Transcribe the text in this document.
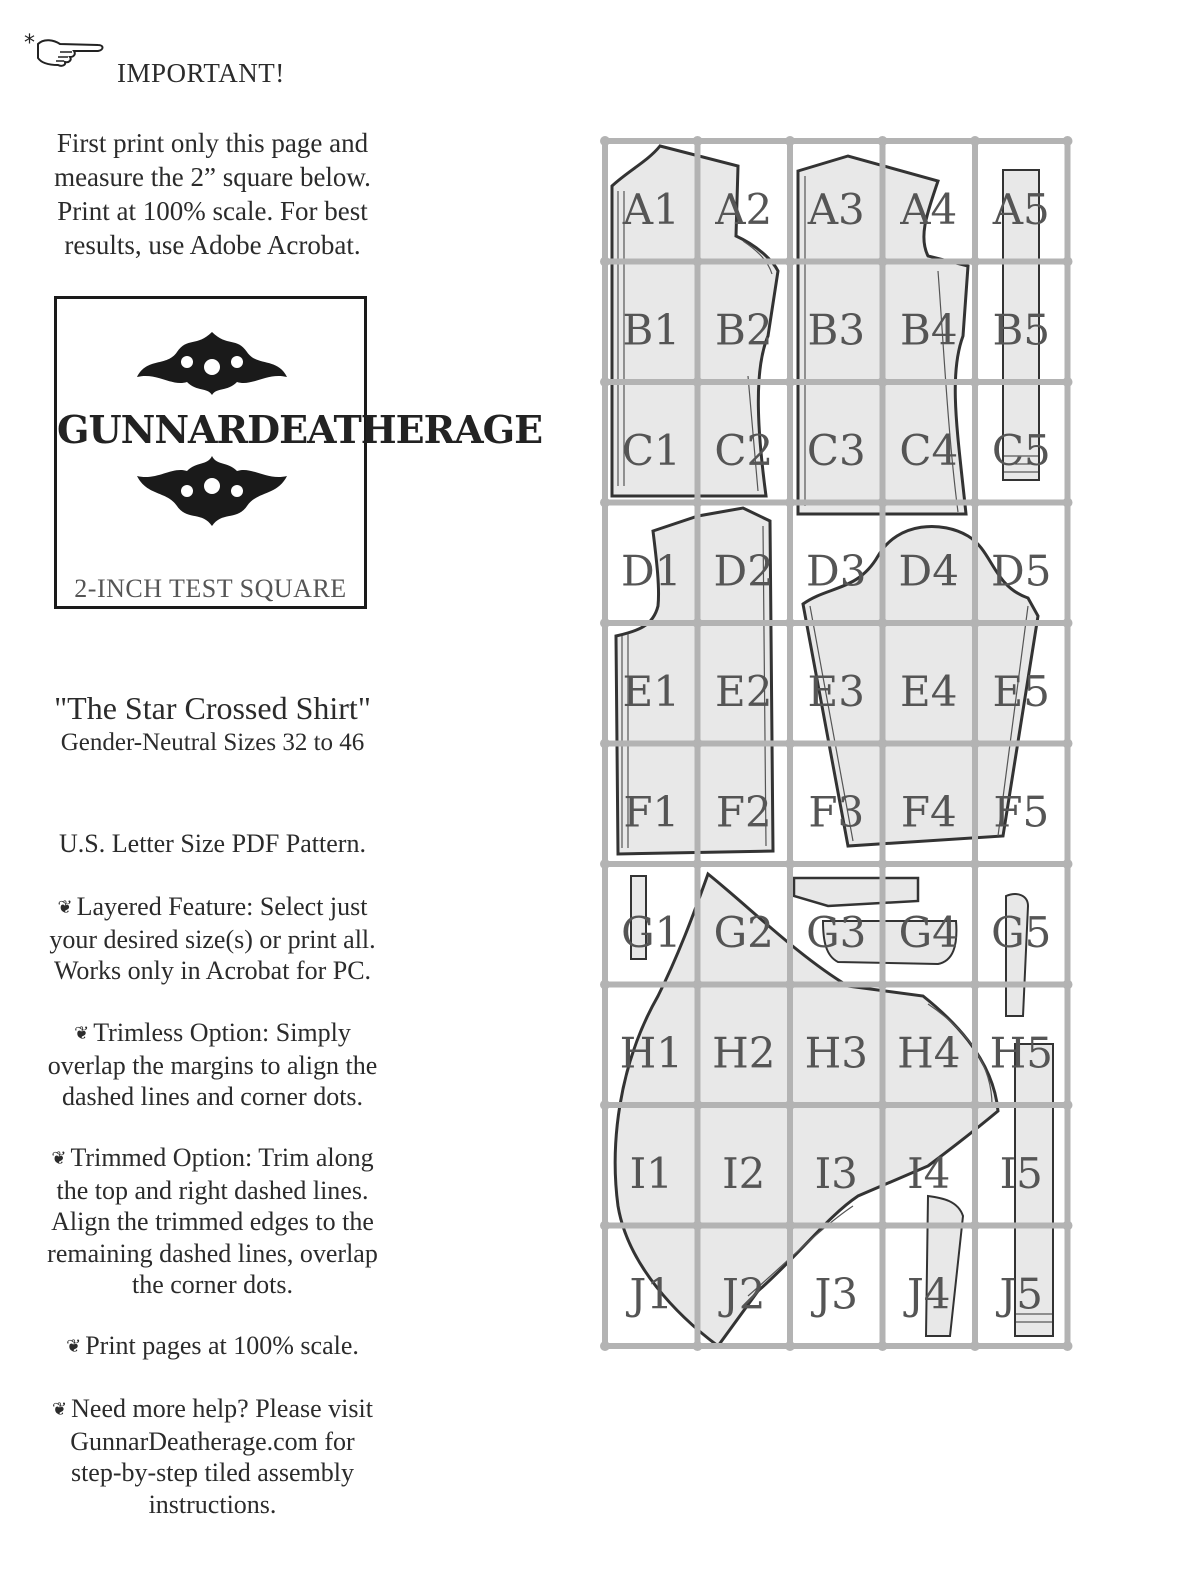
*
IMPORTANT!
First print only this page and
measure the 2” square below.
Print at 100% scale. For best
results, use Adobe Acrobat.
GUNNARDEATHERAGE
2-INCH TEST SQUARE
"The Star Crossed Shirt"
Gender-Neutral Sizes 32 to 46
U.S. Letter Size PDF Pattern.
❦ Layered Feature: Select just
your desired size(s) or print all.
Works only in Acrobat for PC.
❦ Trimless Option: Simply
overlap the margins to align the
dashed lines and corner dots.
❦ Trimmed Option: Trim along
the top and right dashed lines.
Align the trimmed edges to the
remaining dashed lines, overlap
the corner dots.
❦ Print pages at 100% scale.
❦ Need more help? Please visit
GunnarDeatherage.com for
step-by-step tiled assembly
instructions.
A1 A2 A3 A4 A5
B1 B2 B3 B4 B5
C1 C2 C3 C4 C5
D1 D2 D3 D4 D5
E1 E2 E3 E4 E5
F1 F2 F3 F4 F5
G1 G2 G3 G4 G5
H1 H2 H3 H4 H5
I1 I2 I3 I4 I5
J1 J2 J3 J4 J5
